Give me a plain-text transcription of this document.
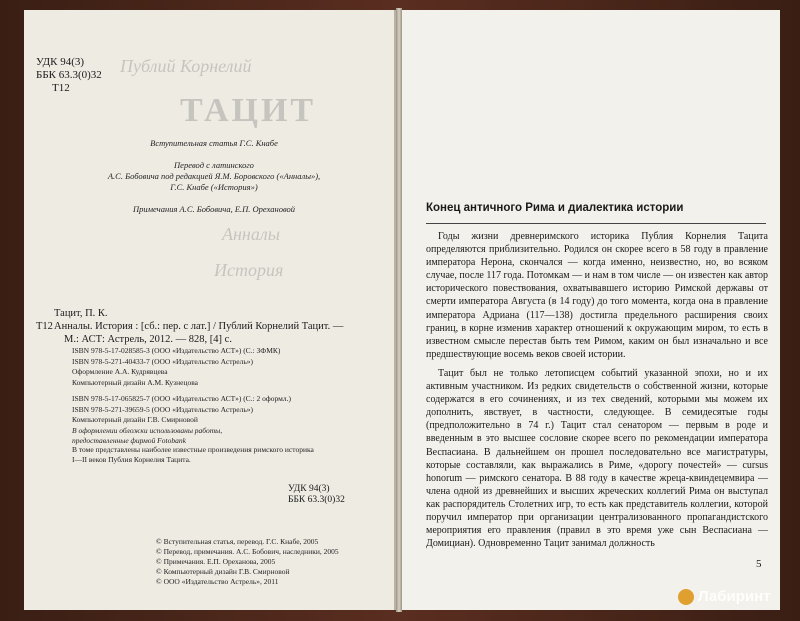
УДК 94(3)
ББК 63.3(0)32
Т12
Публий Корнелий
ТАЦИТ
Анналы
История
Вступительная статья Г.С. Кнабе
Перевод с латинского
А.С. Бобовича под редакцией Я.М. Боровского («Анналы»),
Г.С. Кнабе («История»)
Примечания А.С. Бобовича, Е.П. Орехановой
Тацит, П. К.
Т12 Анналы. История : [сб.: пер. с лат.] / Публий Корнелий Тацит. —
М.: АСТ: Астрель, 2012. — 828, [4] с.
ISBN 978-5-17-028585-3 (ООО «Издательство АСТ») (С.: ЗФМК)
ISBN 978-5-271-40433-7 (ООО «Издательство Астрель»)
Оформление А.А. Кудрявцева
Компьютерный дизайн А.М. Кузнецова
ISBN 978-5-17-065825-7 (ООО «Издательство АСТ») (С.: 2 оформл.)
ISBN 978-5-271-39659-5 (ООО «Издательство Астрель»)
Компьютерный дизайн Г.В. Смирновой
В оформлении обложки использованы работы,
предоставленные фирмой Fotobank
В томе представлены наиболее известные произведения римского историка
I—II веков Публия Корнелия Тацита.
УДК 94(3)
ББК 63.3(0)32
© Вступительная статья, перевод. Г.С. Кнабе, 2005
© Перевод, примечания. А.С. Бобович, наследники, 2005
© Примечания. Е.П. Ореханова, 2005
© Компьютерный дизайн Г.В. Смирновой
© ООО «Издательство Астрель», 2011
Конец античного Рима и диалектика истории

Годы жизни древнеримского историка Публия Корнелия Тацита определяются приблизительно. Родился он скорее всего в 58 году в правление императора Нерона, скончался — когда именно, неизвестно, но, во всяком случае, после 117 года. Потомкам — и нам в том числе — он известен как автор исторического повествования, охватывавшего историю Римской державы от смерти императора Августа (в 14 году) до того момента, когда она в правление императора Адриана (117—138) достигла предельного расширения своих границ, в корне изменив характер отношений к окружающим миром, то есть в известном смысле перестав быть тем Римом, каким он был изначально и все предшествующие восемь веков своей истории.

Тацит был не только летописцем событий указанной эпохи, но и их активным участником. Из редких свидетельств о собственной жизни, которые содержатся в его сочинениях, и из тех сведений, которыми мы можем их дополнить, явствует, в частности, следующее. В семидесятые годы (предположительно в 74 г.) Тацит стал сенатором — первым в роде и введенным в это высшее сословие скорее всего по рекомендации императора Веспасиана. В дальнейшем он прошел последовательно все магистратуры, которые составляли, как выражались в Риме, «дорогу почестей» — cursus honorum — римского сенатора. В 88 году в качестве жреца-квиндецемвира — члена одной из древнейших и высших жреческих коллегий Рима он выступал как распорядитель Столетних игр, то есть как представитель коллегии, которой поручил император при организации централизованного пропагандистского мероприятия его правления (правил в это время уже сын Веспасиана — Домициан). Одновременно Тацит занимал должность

5
Лабиринт
